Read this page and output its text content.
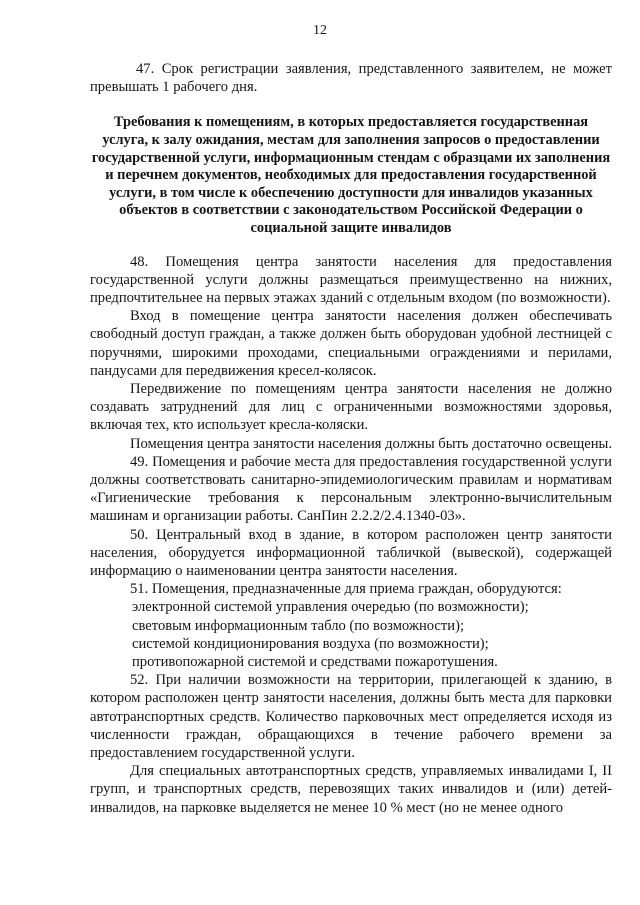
12

47. Срок регистрации заявления, представленного заявителем, не может превышать 1 рабочего дня.

Требования к помещениям, в которых предоставляется государственная услуга, к залу ожидания, местам для заполнения запросов о предоставлении государственной услуги, информационным стендам с образцами их заполнения и перечнем документов, необходимых для предоставления государственной услуги, в том числе к обеспечению доступности для инвалидов указанных объектов в соответствии с законодательством Российской Федерации о социальной защите инвалидов

48. Помещения центра занятости населения для предоставления государственной услуги должны размещаться преимущественно на нижних, предпочтительнее на первых этажах зданий с отдельным входом (по возможности).

Вход в помещение центра занятости населения должен обеспечивать свободный доступ граждан, а также должен быть оборудован удобной лестницей с поручнями, широкими проходами, специальными ограждениями и перилами, пандусами для передвижения кресел-колясок.

Передвижение по помещениям центра занятости населения не должно создавать затруднений для лиц с ограниченными возможностями здоровья, включая тех, кто использует кресла-коляски.

Помещения центра занятости населения должны быть достаточно освещены.

49. Помещения и рабочие места для предоставления государственной услуги должны соответствовать санитарно-эпидемиологическим правилам и нормативам «Гигиенические требования к персональным электронно-вычислительным машинам и организации работы. СанПин 2.2.2/2.4.1340-03».

50. Центральный вход в здание, в котором расположен центр занятости населения, оборудуется информационной табличкой (вывеской), содержащей информацию о наименовании центра занятости населения.

51. Помещения, предназначенные для приема граждан, оборудуются:

электронной системой управления очередью (по возможности);

световым информационным табло (по возможности);

системой кондиционирования воздуха (по возможности);

противопожарной системой и средствами пожаротушения.

52. При наличии возможности на территории, прилегающей к зданию, в котором расположен центр занятости населения, должны быть места для парковки автотранспортных средств. Количество парковочных мест определяется исходя из численности граждан, обращающихся в течение рабочего времени за предоставлением государственной услуги.

Для специальных автотранспортных средств, управляемых инвалидами I, II групп, и транспортных средств, перевозящих таких инвалидов и (или) детей-инвалидов, на парковке выделяется не менее 10 % мест (но не менее одного
